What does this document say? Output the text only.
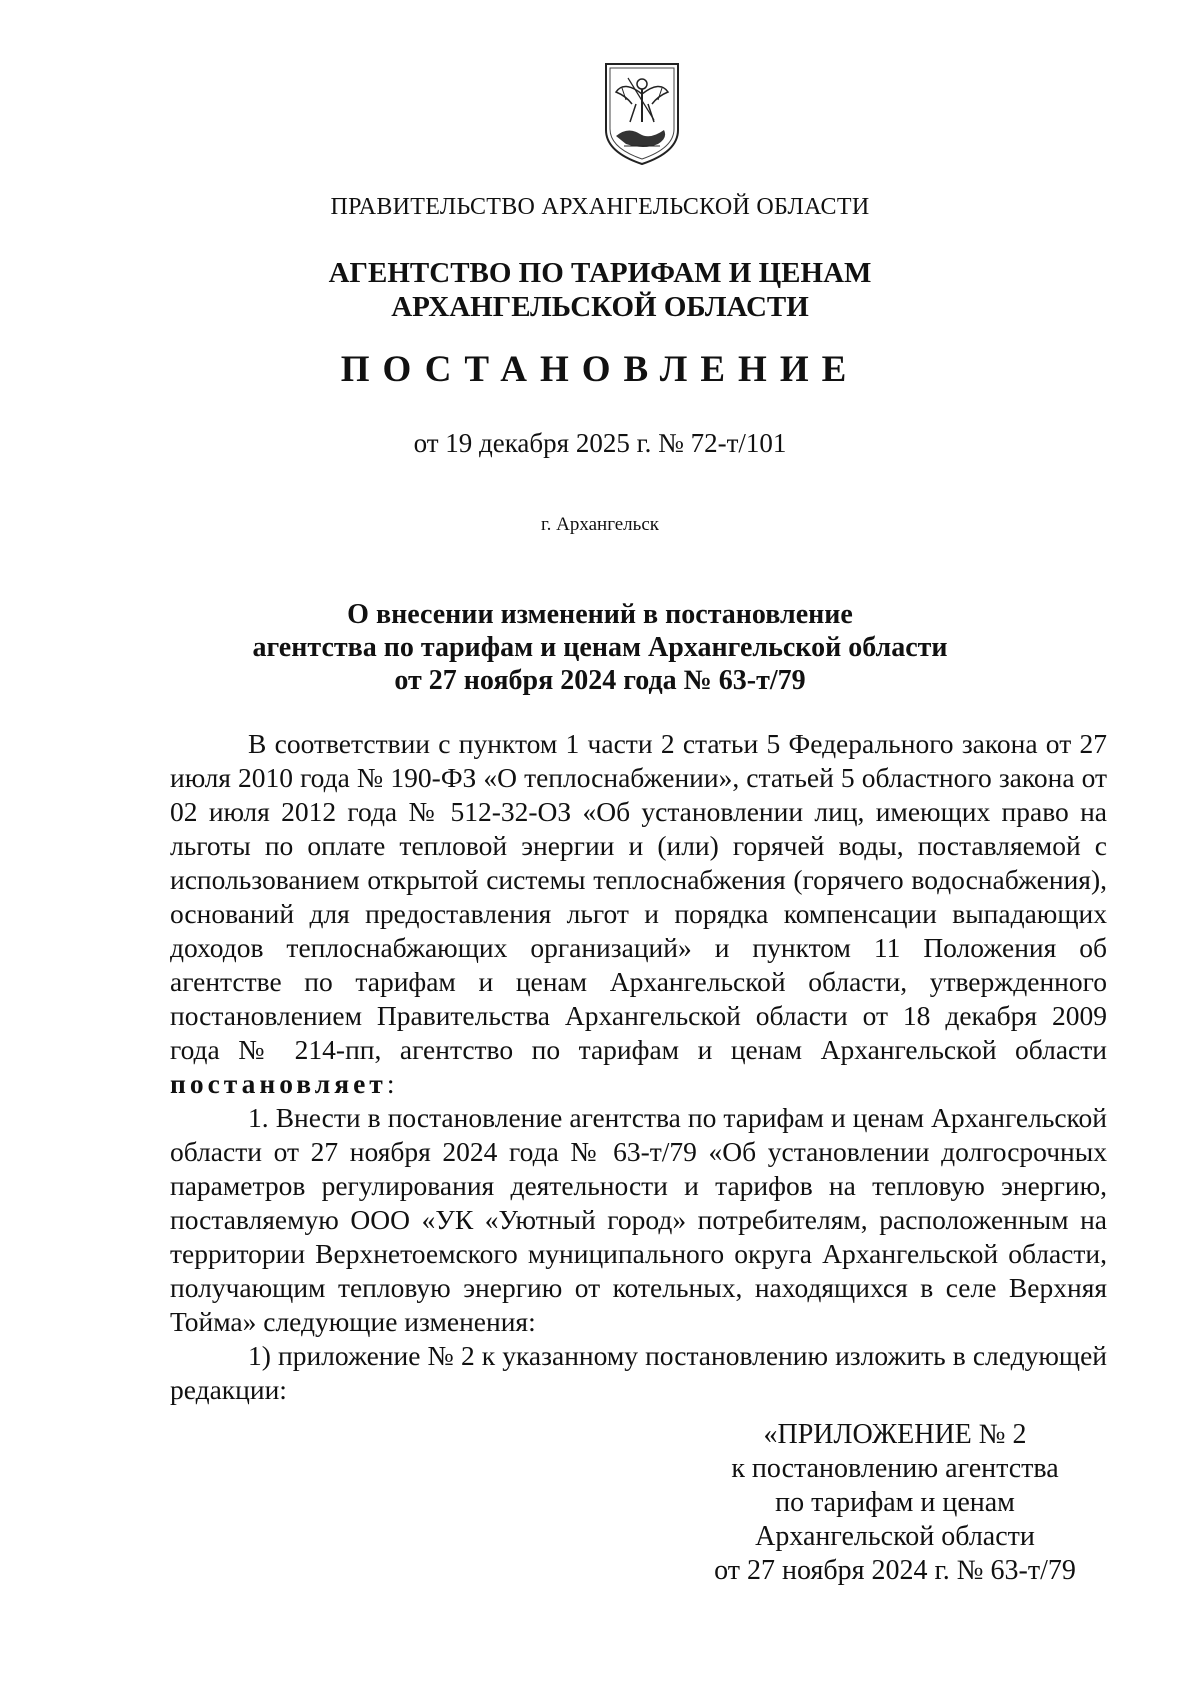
ПРАВИТЕЛЬСТВО АРХАНГЕЛЬСКОЙ ОБЛАСТИ
АГЕНТСТВО ПО ТАРИФАМ И ЦЕНАМ
АРХАНГЕЛЬСКОЙ ОБЛАСТИ
ПОСТАНОВЛЕНИЕ
от 19 декабря 2025 г. № 72-т/101
г. Архангельск
О внесении изменений в постановление
агентства по тарифам и ценам Архангельской области
от 27 ноября 2024 года № 63-т/79

В соответствии с пунктом 1 части 2 статьи 5 Федерального закона от 27 июля 2010 года № 190-ФЗ «О теплоснабжении», статьей 5 областного закона от 02 июля 2012 года № 512-32-ОЗ «Об установлении лиц, имеющих право на льготы по оплате тепловой энергии и (или) горячей воды, поставляемой с использованием открытой системы теплоснабжения (горячего водоснабжения), оснований для предоставления льгот и порядка компенсации выпадающих доходов теплоснабжающих организаций» и пунктом 11 Положения об агентстве по тарифам и ценам Архангельской области, утвержденного постановлением Правительства Архангельской области от 18 декабря 2009 года № 214-пп, агентство по тарифам и ценам Архангельской области постановляет:

1. Внести в постановление агентства по тарифам и ценам Архангельской области от 27 ноября 2024 года № 63-т/79 «Об установлении долгосрочных параметров регулирования деятельности и тарифов на тепловую энергию, поставляемую ООО «УК «Уютный город» потребителям, расположенным на территории Верхнетоемского муниципального округа Архангельской области, получающим тепловую энергию от котельных, находящихся в селе Верхняя Тойма» следующие изменения:

1) приложение № 2 к указанному постановлению изложить в следующей редакции:

«ПРИЛОЖЕНИЕ № 2
к постановлению агентства
по тарифам и ценам
Архангельской области
от 27 ноября 2024 г. № 63-т/79
